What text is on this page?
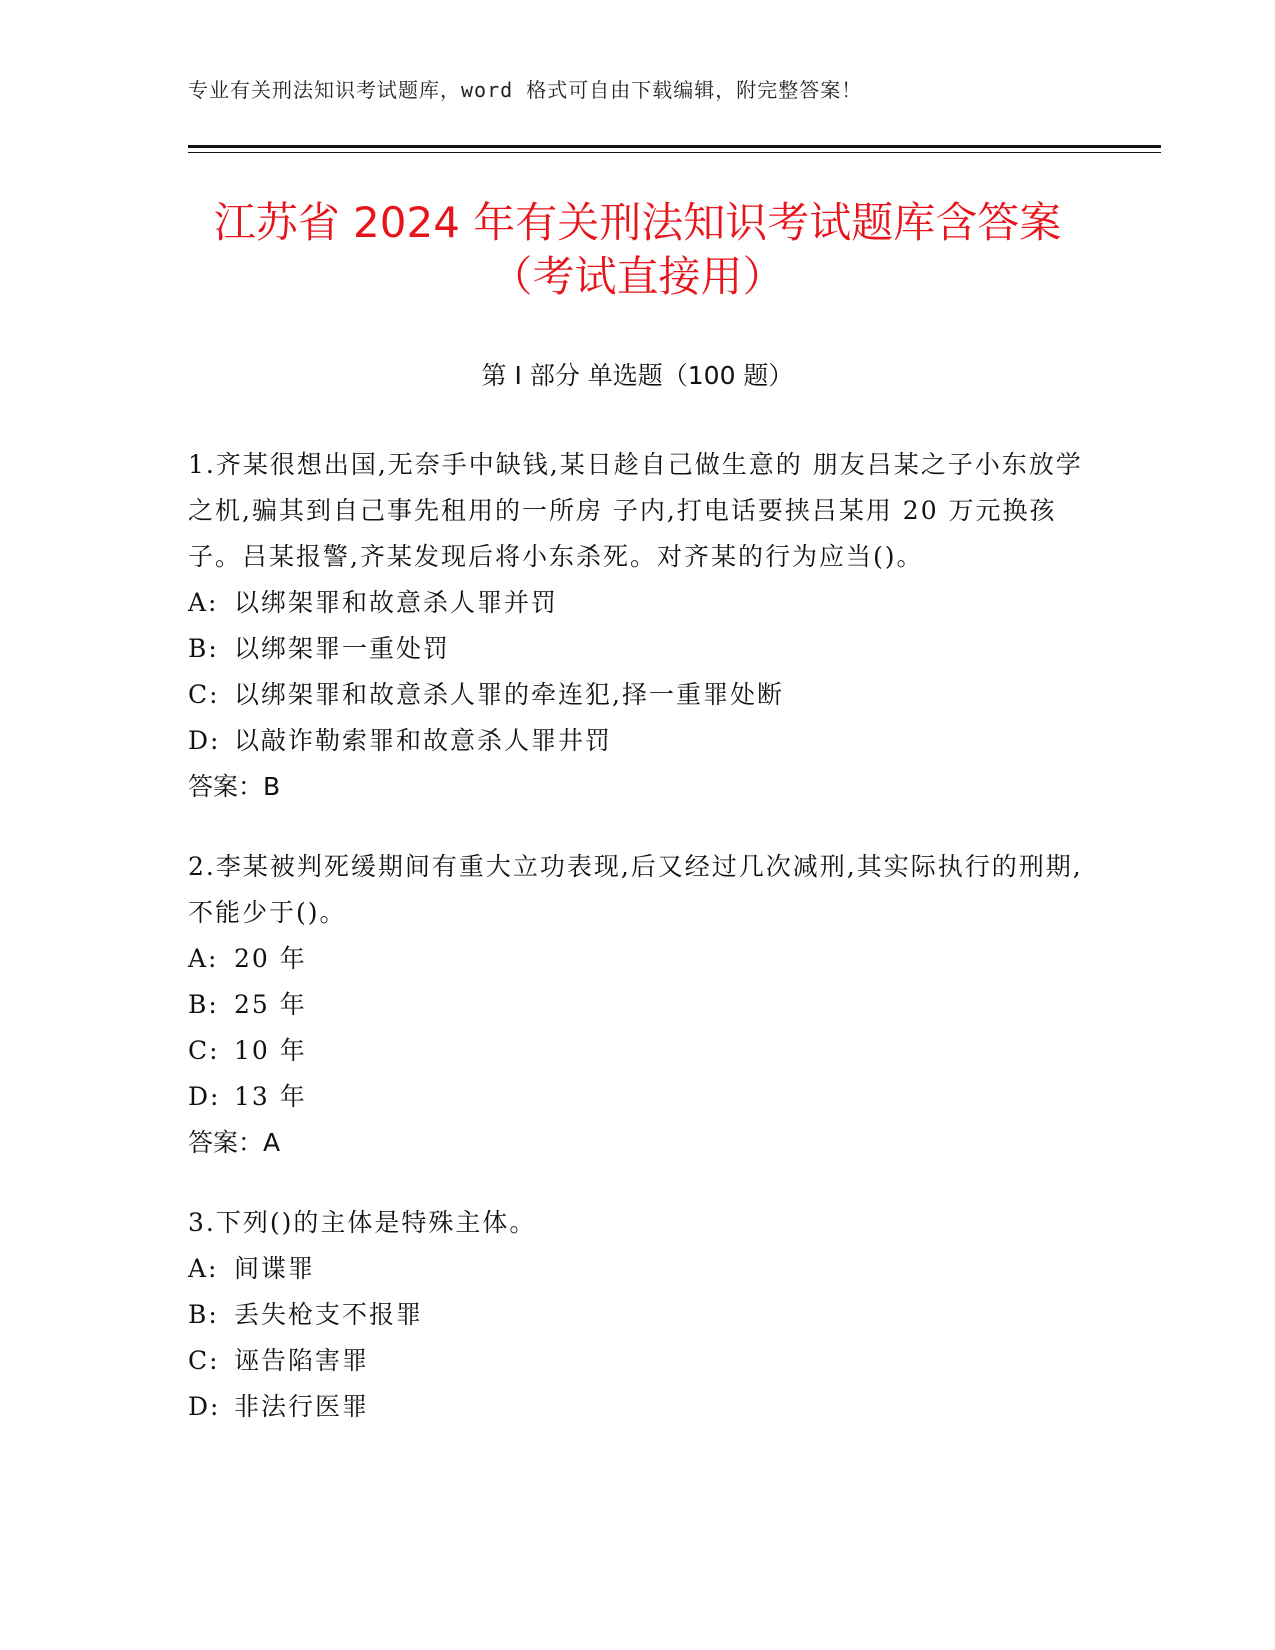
专业有关刑法知识考试题库，word 格式可自由下载编辑，附完整答案！
江苏省 2024 年有关刑法知识考试题库含答案
（考试直接用）
第 I 部分 单选题（100 题）

1.齐某很想出国,无奈手中缺钱,某日趁自己做生意的 朋友吕某之子小东放学之机,骗其到自己事先租用的一所房 子内,打电话要挟吕某用 20 万元换孩子。吕某报警,齐某发现后将小东杀死。对齐某的行为应当()。

A: 以绑架罪和故意杀人罪并罚

B: 以绑架罪一重处罚

C: 以绑架罪和故意杀人罪的牵连犯,择一重罪处断

D: 以敲诈勒索罪和故意杀人罪井罚

答案：B

2.李某被判死缓期间有重大立功表现,后又经过几次减刑,其实际执行的刑期,不能少于()。

A: 20 年

B: 25 年

C: 10 年

D: 13 年

答案：A

3.下列()的主体是特殊主体。

A: 间谍罪

B: 丢失枪支不报罪

C: 诬告陷害罪

D: 非法行医罪
